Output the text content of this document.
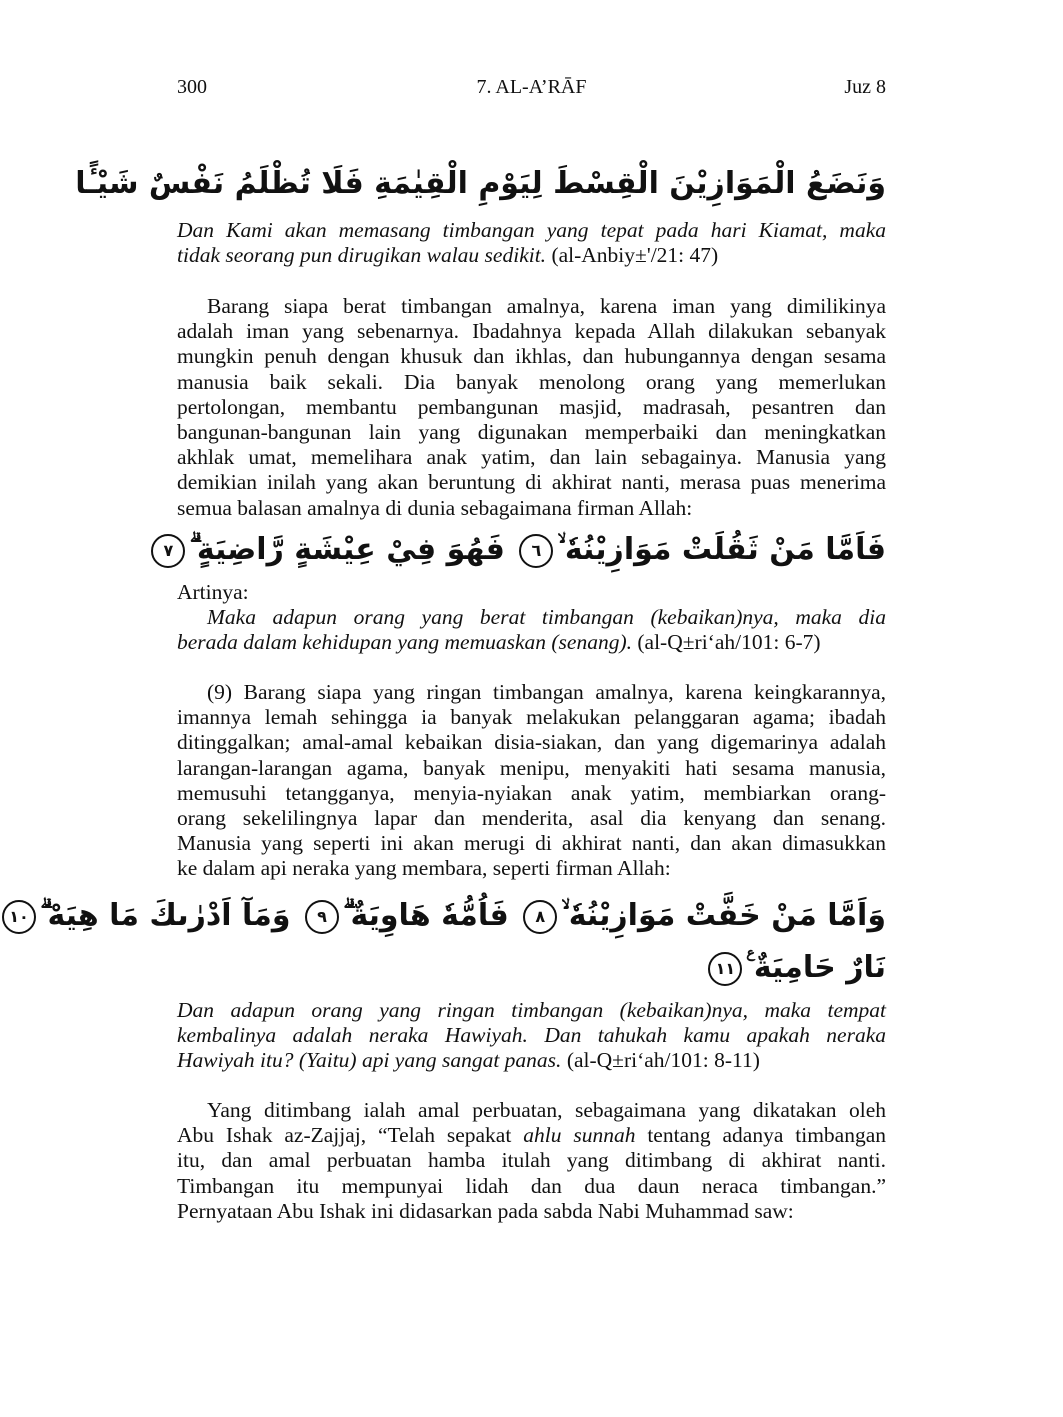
300	7. AL-A’RĀF	Juz 8
وَنَضَعُ الْمَوَازِيْنَ الْقِسْطَ لِيَوْمِ الْقِيٰمَةِ فَلَا تُظْلَمُ نَفْسٌ شَيْـًٔا
Dan Kami akan memasang timbangan yang tepat pada hari Kiamat, maka
tidak seorang pun dirugikan walau sedikit. (al-Anbiy±'/21: 47)
Barang siapa berat timbangan amalnya, karena iman yang dimilikinya
adalah iman yang sebenarnya. Ibadahnya kepada Allah dilakukan sebanyak
mungkin penuh dengan khusuk dan ikhlas, dan hubungannya dengan sesama
manusia baik sekali. Dia banyak menolong orang yang memerlukan
pertolongan, membantu pembangunan masjid, madrasah, pesantren dan
bangunan-bangunan lain yang digunakan memperbaiki dan meningkatkan
akhlak umat, memelihara anak yatim, dan lain sebagainya. Manusia yang
demikian inilah yang akan beruntung di akhirat nanti, merasa puas menerima
semua balasan amalnya di dunia sebagaimana firman Allah:
فَاَمَّا مَنْ ثَقُلَتْ مَوَازِيْنُهٗ ۙ٦ فَهُوَ فِيْ عِيْشَةٍ رَّاضِيَةٍ ۗ٧
Artinya:
Maka adapun orang yang berat timbangan (kebaikan)nya, maka dia
berada dalam kehidupan yang memuaskan (senang). (al-Q±ri‘ah/101: 6-7)
(9) Barang siapa yang ringan timbangan amalnya, karena keingkarannya,
imannya lemah sehingga ia banyak melakukan pelanggaran agama; ibadah
ditinggalkan; amal-amal kebaikan disia-siakan, dan yang digemarinya adalah
larangan-larangan agama, banyak menipu, menyakiti hati sesama manusia,
memusuhi tetangganya, menyia-nyiakan anak yatim, membiarkan orang-
orang sekelilingnya lapar dan menderita, asal dia kenyang dan senang.
Manusia yang seperti ini akan merugi di akhirat nanti, dan akan dimasukkan
ke dalam api neraka yang membara, seperti firman Allah:
وَاَمَّا مَنْ خَفَّتْ مَوَازِيْنُهٗ ۙ٨ فَاُمُّهٗ هَاوِيَةٌ ۗ٩ وَمَآ اَدْرٰىكَ مَا هِيَهْ ۗ١٠
نَارٌ حَامِيَةٌ ࣖ١١
Dan adapun orang yang ringan timbangan (kebaikan)nya, maka tempat
kembalinya adalah neraka Hawiyah. Dan tahukah kamu apakah neraka
Hawiyah itu? (Yaitu) api yang sangat panas. (al-Q±ri‘ah/101: 8-11)
Yang ditimbang ialah amal perbuatan, sebagaimana yang dikatakan oleh
Abu Ishak az-Zajjaj, “Telah sepakat ahlu sunnah tentang adanya timbangan
itu, dan amal perbuatan hamba itulah yang ditimbang di akhirat nanti.
Timbangan itu mempunyai lidah dan dua daun neraca timbangan.”
Pernyataan Abu Ishak ini didasarkan pada sabda Nabi Muhammad saw:
